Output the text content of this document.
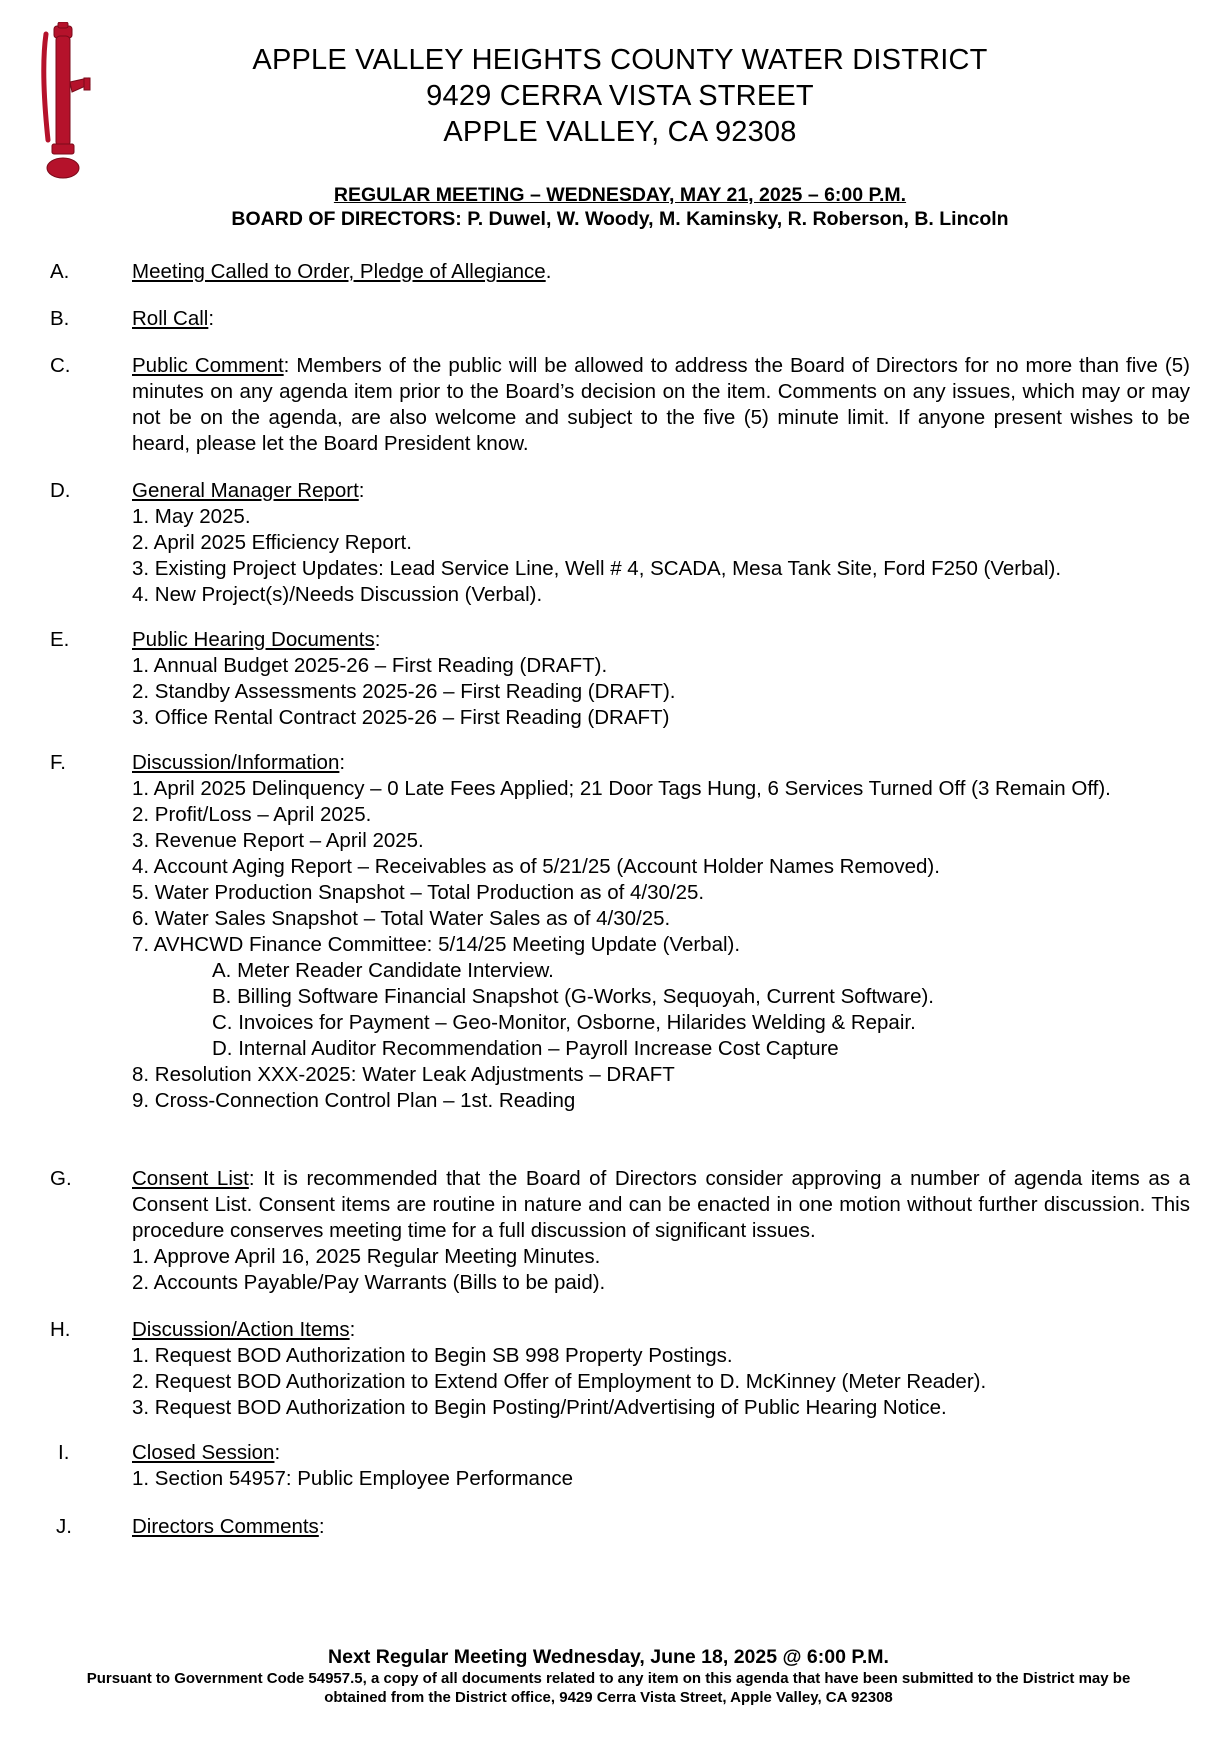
APPLE VALLEY HEIGHTS COUNTY WATER DISTRICT
9429 CERRA VISTA STREET
APPLE VALLEY, CA 92308
REGULAR MEETING – WEDNESDAY, MAY 21, 2025 – 6:00 P.M.
BOARD OF DIRECTORS: P. Duwel, W. Woody, M. Kaminsky, R. Roberson, B. Lincoln
A.	Meeting Called to Order, Pledge of Allegiance.
B.	Roll Call:
C.	Public Comment: Members of the public will be allowed to address the Board of Directors for no more than five (5) minutes on any agenda item prior to the Board’s decision on the item. Comments on any issues, which may or may not be on the agenda, are also welcome and subject to the five (5) minute limit. If anyone present wishes to be heard, please let the Board President know.
D.	General Manager Report:
1. May 2025.
2. April 2025 Efficiency Report.
3. Existing Project Updates: Lead Service Line, Well # 4, SCADA, Mesa Tank Site, Ford F250 (Verbal).
4. New Project(s)/Needs Discussion (Verbal).
E.	Public Hearing Documents:
1. Annual Budget 2025-26 – First Reading (DRAFT).
2. Standby Assessments 2025-26 – First Reading (DRAFT).
3. Office Rental Contract 2025-26 – First Reading (DRAFT)
F.	Discussion/Information:
1. April 2025 Delinquency – 0 Late Fees Applied; 21 Door Tags Hung, 6 Services Turned Off (3 Remain Off).
2. Profit/Loss – April 2025.
3. Revenue Report – April 2025.
4. Account Aging Report – Receivables as of 5/21/25 (Account Holder Names Removed).
5. Water Production Snapshot – Total Production as of 4/30/25.
6. Water Sales Snapshot – Total Water Sales as of 4/30/25.
7. AVHCWD Finance Committee: 5/14/25 Meeting Update (Verbal).
A. Meter Reader Candidate Interview.
B. Billing Software Financial Snapshot (G-Works, Sequoyah, Current Software).
C. Invoices for Payment – Geo-Monitor, Osborne, Hilarides Welding & Repair.
D. Internal Auditor Recommendation – Payroll Increase Cost Capture
8. Resolution XXX-2025: Water Leak Adjustments – DRAFT
9. Cross-Connection Control Plan – 1st. Reading
G.	Consent List: It is recommended that the Board of Directors consider approving a number of agenda items as a Consent List. Consent items are routine in nature and can be enacted in one motion without further discussion. This procedure conserves meeting time for a full discussion of significant issues.
1. Approve April 16, 2025 Regular Meeting Minutes.
2. Accounts Payable/Pay Warrants (Bills to be paid).
H.	Discussion/Action Items:
1. Request BOD Authorization to Begin SB 998 Property Postings.
2. Request BOD Authorization to Extend Offer of Employment to D. McKinney (Meter Reader).
3. Request BOD Authorization to Begin Posting/Print/Advertising of Public Hearing Notice.
I.	Closed Session:
1. Section 54957: Public Employee Performance
J.	Directors Comments:
Next Regular Meeting Wednesday, June 18, 2025 @ 6:00 P.M.
Pursuant to Government Code 54957.5, a copy of all documents related to any item on this agenda that have been submitted to the District may be obtained from the District office, 9429 Cerra Vista Street, Apple Valley, CA 92308
